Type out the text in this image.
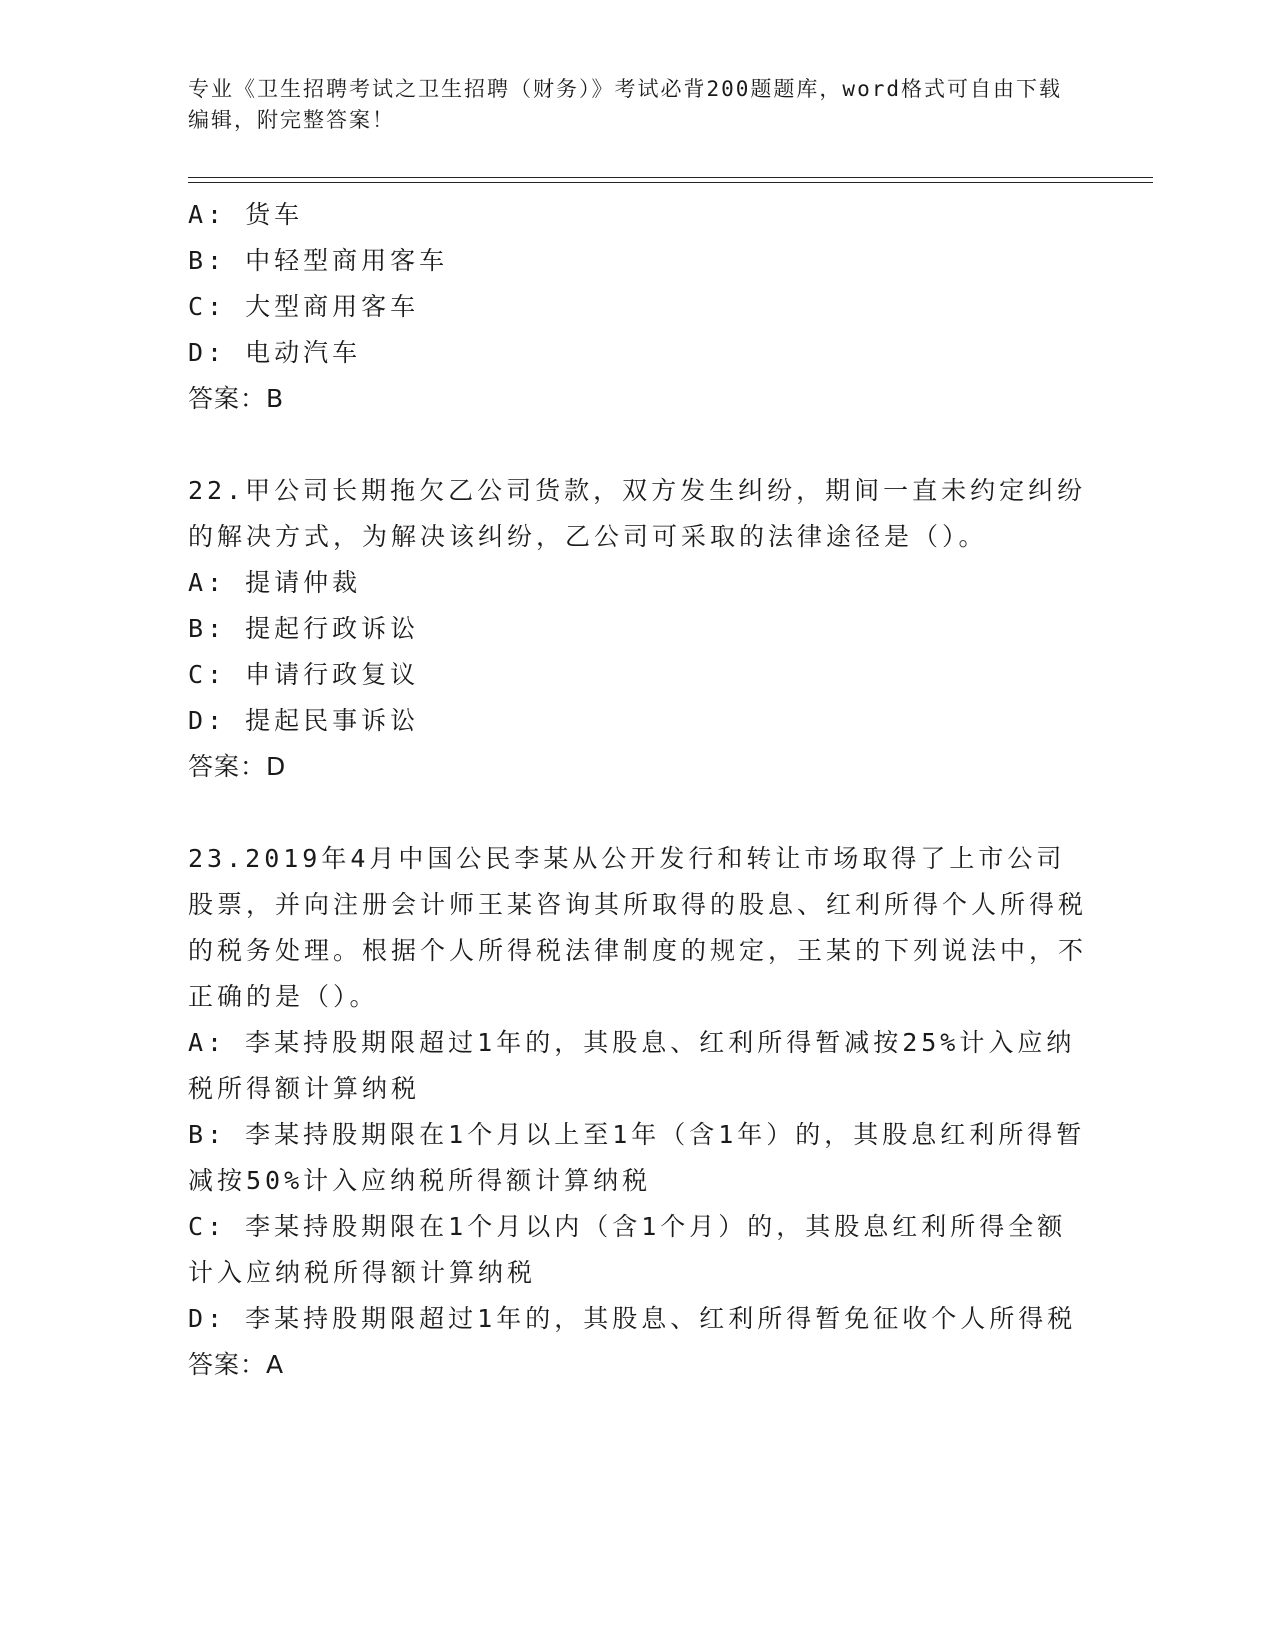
专业《卫生招聘考试之卫生招聘（财务）》考试必背200题题库，word格式可自由下载编辑，附完整答案！
A: 货车
B: 中轻型商用客车
C: 大型商用客车
D: 电动汽车
答案：B
22.甲公司长期拖欠乙公司货款，双方发生纠纷，期间一直未约定纠纷的解决方式，为解决该纠纷，乙公司可采取的法律途径是（）。
A: 提请仲裁
B: 提起行政诉讼
C: 申请行政复议
D: 提起民事诉讼
答案：D
23.2019年4月中国公民李某从公开发行和转让市场取得了上市公司股票，并向注册会计师王某咨询其所取得的股息、红利所得个人所得税的税务处理。根据个人所得税法律制度的规定，王某的下列说法中，不正确的是（）。
A: 李某持股期限超过1年的，其股息、红利所得暂减按25%计入应纳税所得额计算纳税
B: 李某持股期限在1个月以上至1年（含1年）的，其股息红利所得暂减按50%计入应纳税所得额计算纳税
C: 李某持股期限在1个月以内（含1个月）的，其股息红利所得全额计入应纳税所得额计算纳税
D: 李某持股期限超过1年的，其股息、红利所得暂免征收个人所得税
答案：A
